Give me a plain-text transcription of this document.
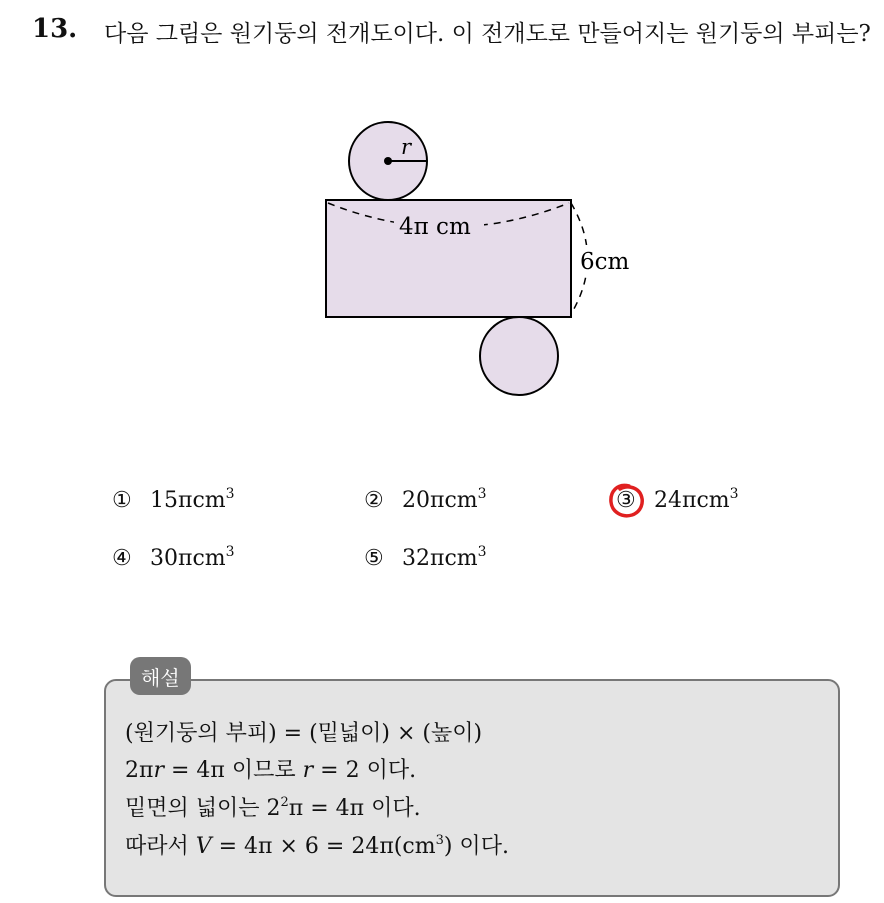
13. 다음 그림은 원기둥의 전개도이다. 이 전개도로 만들어지는 원기둥의 부피는?
r
4π cm
6cm
① 15πcm$^3$	② 20πcm$^3$	③ 24πcm$^3$
④ 30πcm$^3$	⑤ 32πcm$^3$
해설
(원기둥의 부피) = (밑넓이) × (높이)
2πr = 4π 이므로 r = 2 이다.
밑면의 넓이는 $2^2\pi = 4\pi$ 이다.
따라서 $V = 4\pi \times 6 = 24\pi(cm^3)$ 이다.
